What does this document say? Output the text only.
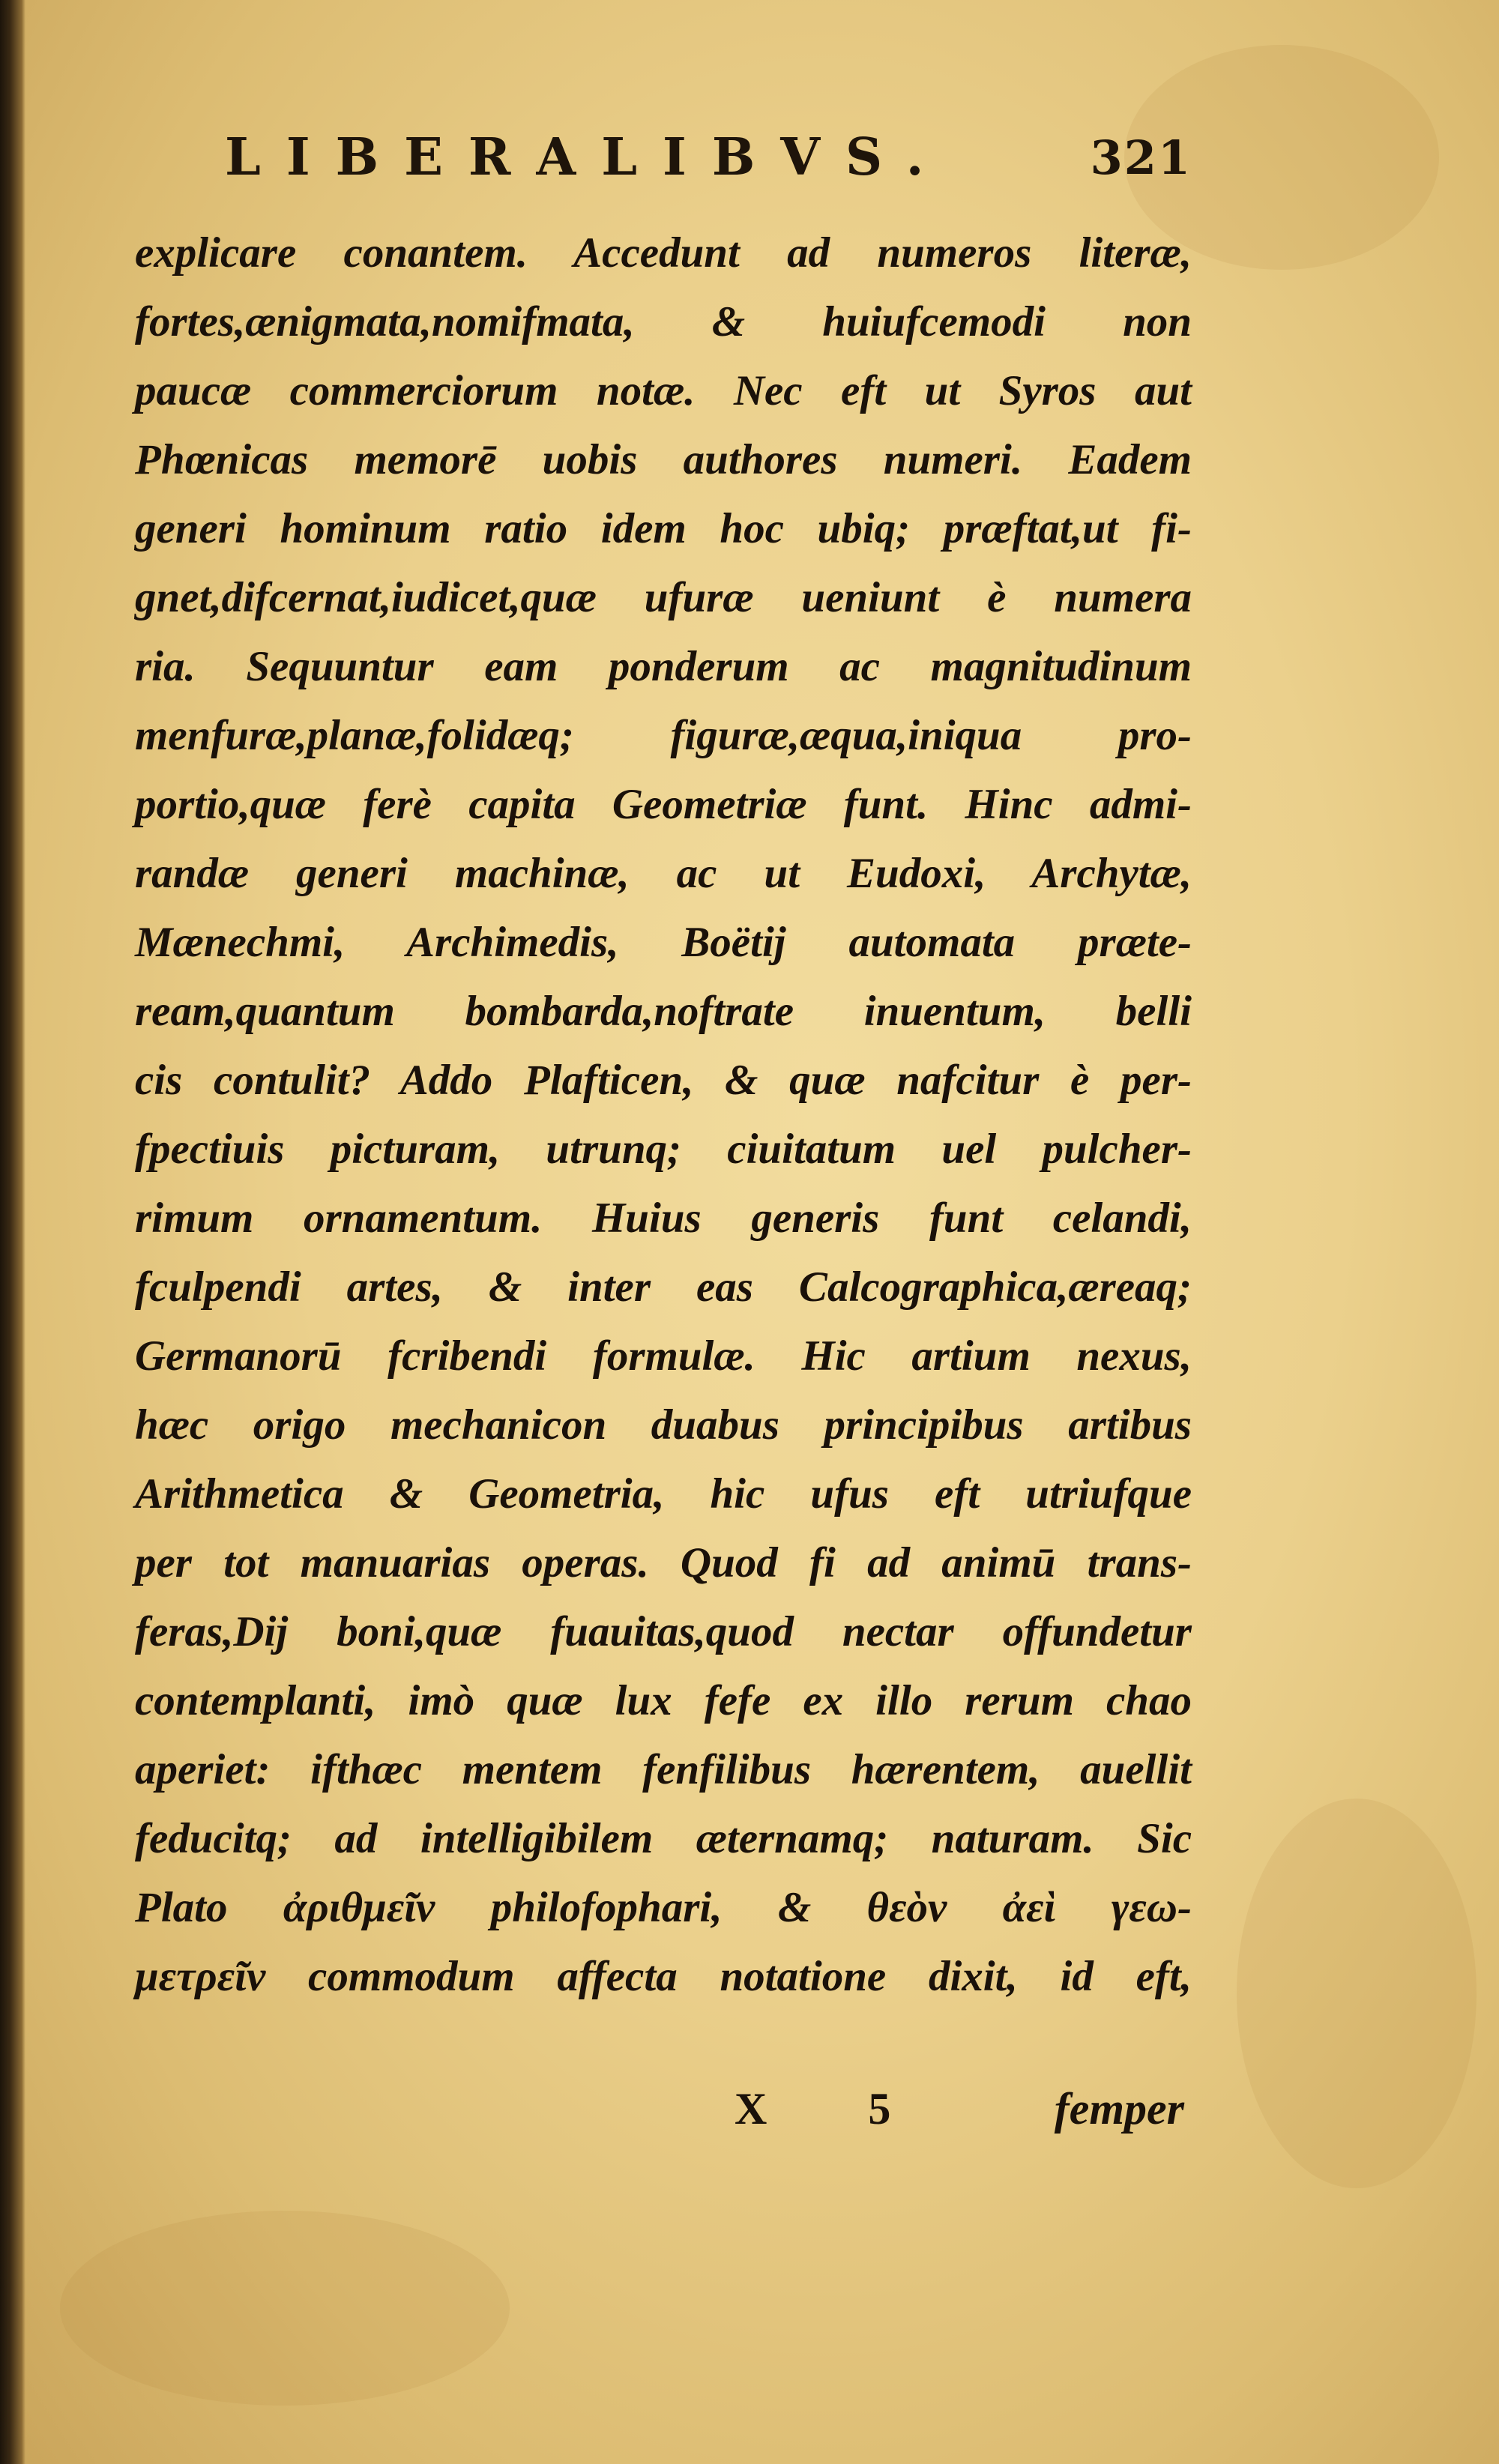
LIBERALIBVS.	321
explicare conantem. Accedunt ad numeros literæ,
fortes,ænigmata,nomifmata, & huiufcemodi non
paucæ commerciorum notæ. Nec eft ut Syros aut
Phœnicas memorē uobis authores numeri. Eadem
generi hominum ratio idem hoc ubiq; præftat,ut fi-
gnet,difcernat,iudicet,quæ ufuræ ueniunt è numera
ria. Sequuntur eam ponderum ac magnitudinum
menfuræ,planæ,folidæq; figuræ,æqua,iniqua pro-
portio,quæ ferè capita Geometriæ funt. Hinc admi-
randæ generi machinæ, ac ut Eudoxi, Archytæ,
Mænechmi, Archimedis, Boëtij automata præte-
ream,quantum bombarda,noftrate inuentum, belli
cis contulit? Addo Plafticen, & quæ nafcitur è per-
fpectiuis picturam, utrunq; ciuitatum uel pulcher-
rimum ornamentum. Huius generis funt celandi,
fculpendi artes, & inter eas Calcographica,æreaq;
Germanorū fcribendi formulæ. Hic artium nexus,
hæc origo mechanicon duabus principibus artibus
Arithmetica & Geometria, hic ufus eft utriufque
per tot manuarias operas. Quod fi ad animū trans-
feras,Dij boni,quæ fuauitas,quod nectar offundetur
contemplanti, imò quæ lux fefe ex illo rerum chao
aperiet: ifthæc mentem fenfilibus hærentem, auellit
feducitq; ad intelligibilem æternamq; naturam. Sic
Plato ἀριθμεῖν philofophari, & θεὸν ἀεὶ γεω-
μετρεῖν commodum affecta notatione dixit, id eft,
X 5	femper
